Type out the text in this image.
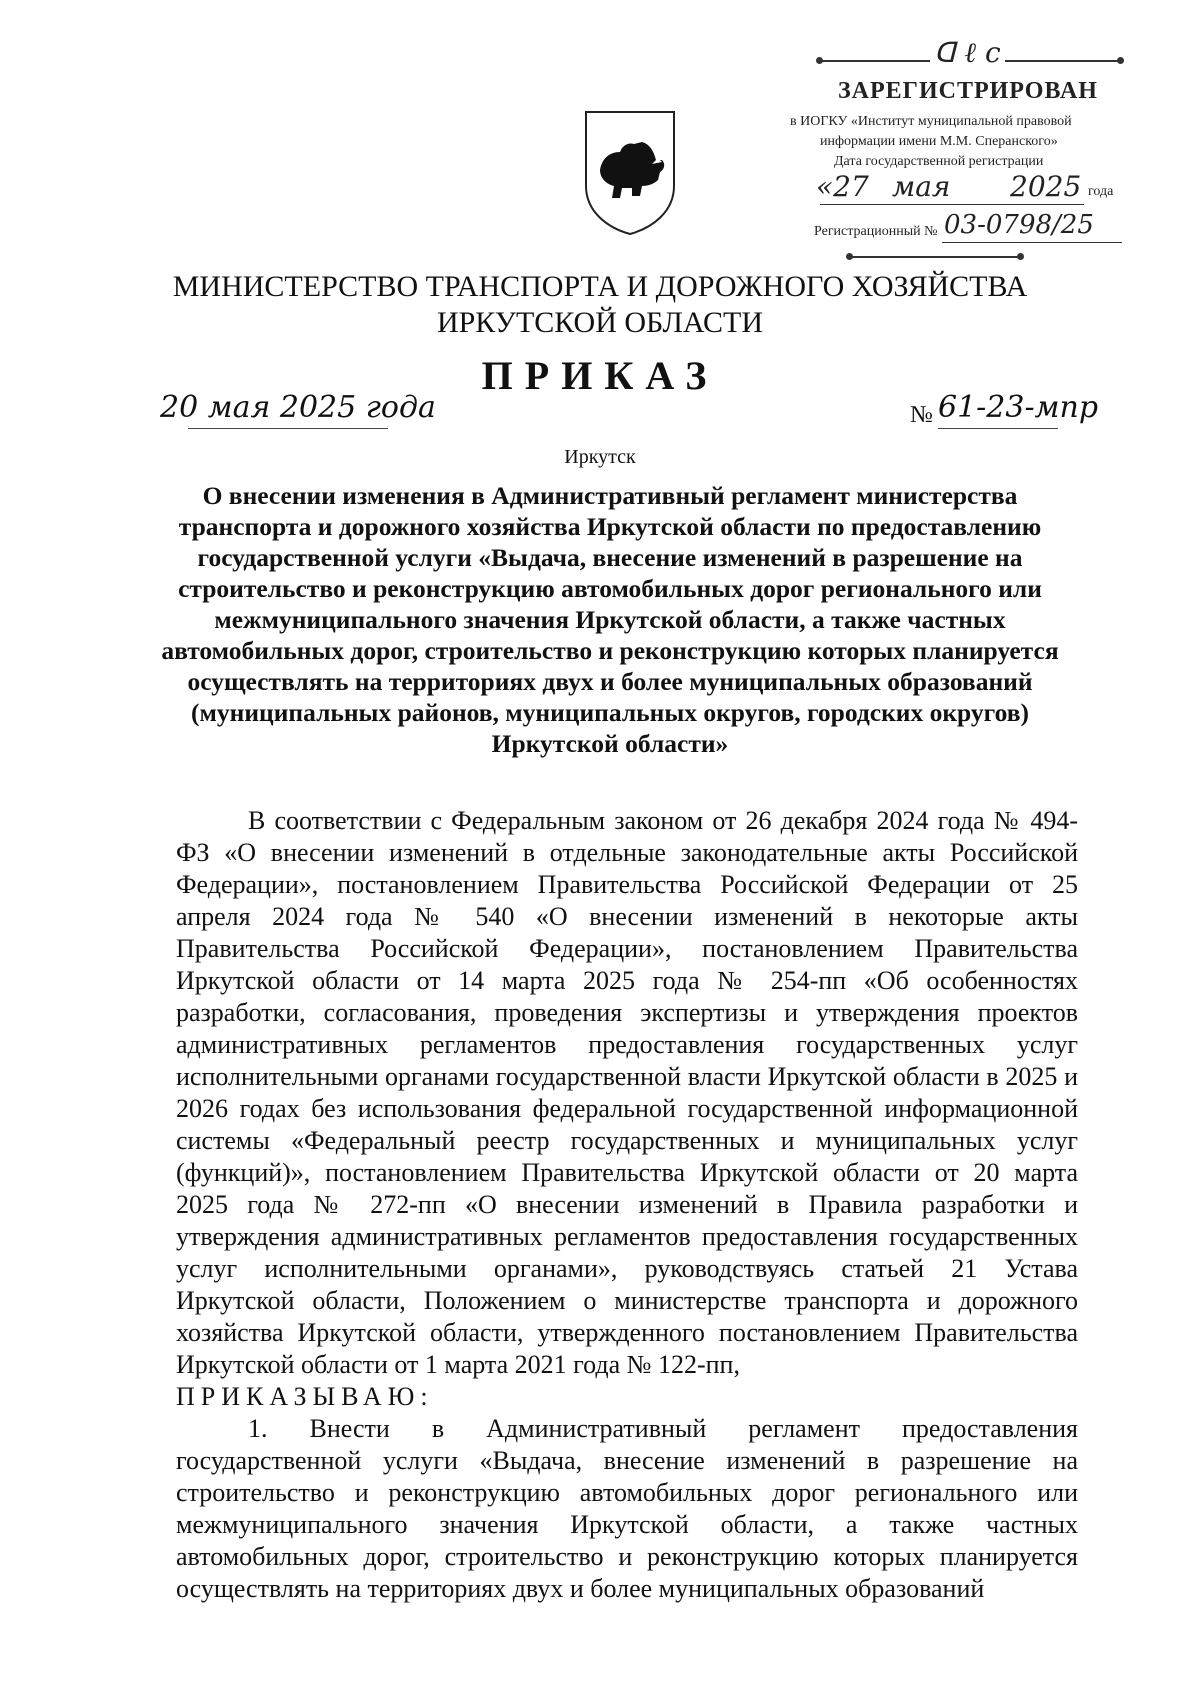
ᗡ ℓ c
ЗАРЕГИСТРИРОВАН
в ИОГКУ «Институт муниципальной правовой
информации имени М.М. Сперанского»
Дата государственной регистрации
«27 мая 2025 года
Регистрационный № 03-0798/25
МИНИСТЕРСТВО ТРАНСПОРТА И ДОРОЖНОГО ХОЗЯЙСТВА
ИРКУТСКОЙ ОБЛАСТИ
ПРИКАЗ
20 мая 2025 года	№ 61-23-мпр
Иркутск
О внесении изменения в Административный регламент министерства транспорта и дорожного хозяйства Иркутской области по предоставлению государственной услуги «Выдача, внесение изменений в разрешение на строительство и реконструкцию автомобильных дорог регионального или межмуниципального значения Иркутской области, а также частных автомобильных дорог, строительство и реконструкцию которых планируется осуществлять на территориях двух и более муниципальных образований (муниципальных районов, муниципальных округов, городских округов) Иркутской области»

В соответствии с Федеральным законом от 26 декабря 2024 года № 494-ФЗ «О внесении изменений в отдельные законодательные акты Российской Федерации», постановлением Правительства Российской Федерации от 25 апреля 2024 года № 540 «О внесении изменений в некоторые акты Правительства Российской Федерации», постановлением Правительства Иркутской области от 14 марта 2025 года № 254-пп «Об особенностях разработки, согласования, проведения экспертизы и утверждения проектов административных регламентов предоставления государственных услуг исполнительными органами государственной власти Иркутской области в 2025 и 2026 годах без использования федеральной государственной информационной системы «Федеральный реестр государственных и муниципальных услуг (функций)», постановлением Правительства Иркутской области от 20 марта 2025 года № 272-пп «О внесении изменений в Правила разработки и утверждения административных регламентов предоставления государственных услуг исполнительными органами», руководствуясь статьей 21 Устава Иркутской области, Положением о министерстве транспорта и дорожного хозяйства Иркутской области, утвержденного постановлением Правительства Иркутской области от 1 марта 2021 года № 122-пп,

ПРИКАЗЫВАЮ:

1. Внести в Административный регламент предоставления государственной услуги «Выдача, внесение изменений в разрешение на строительство и реконструкцию автомобильных дорог регионального или межмуниципального значения Иркутской области, а также частных автомобильных дорог, строительство и реконструкцию которых планируется осуществлять на территориях двух и более муниципальных образований
